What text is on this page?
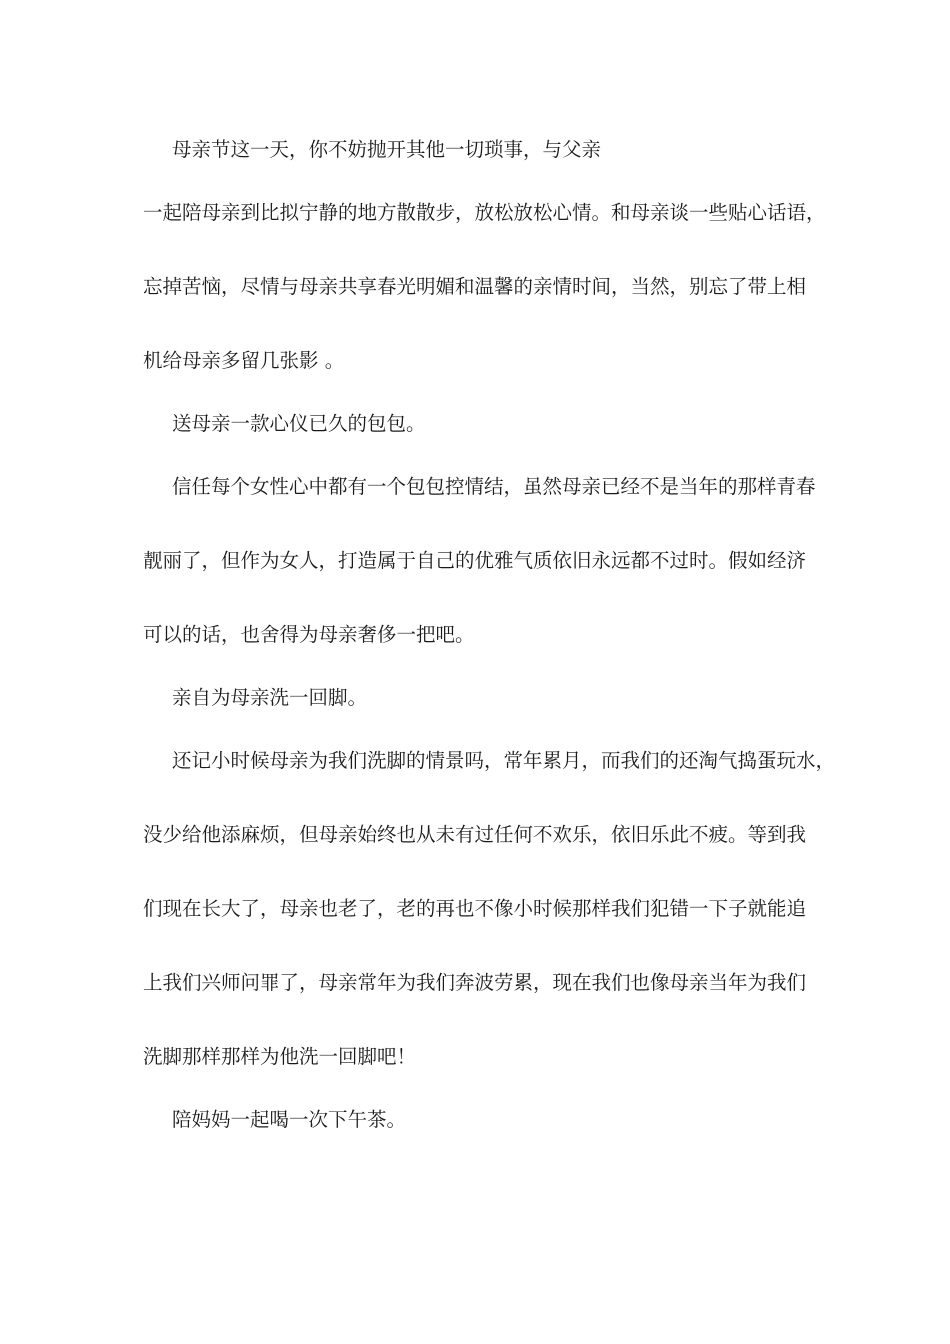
母亲节这一天，你不妨抛开其他一切琐事，与父亲
一起陪母亲到比拟宁静的地方散散步，放松放松心情。和母亲谈一些贴心话语，
忘掉苦恼，尽情与母亲共享春光明媚和温馨的亲情时间，当然，别忘了带上相
机给母亲多留几张影 。
送母亲一款心仪已久的包包。
信任每个女性心中都有一个包包控情结，虽然母亲已经不是当年的那样青春
靓丽了，但作为女人，打造属于自己的优雅气质依旧永远都不过时。假如经济
可以的话，也舍得为母亲奢侈一把吧。
亲自为母亲洗一回脚。
还记小时候母亲为我们洗脚的情景吗，常年累月，而我们的还淘气捣蛋玩水，
没少给他添麻烦，但母亲始终也从未有过任何不欢乐，依旧乐此不疲。等到我
们现在长大了，母亲也老了，老的再也不像小时候那样我们犯错一下子就能追
上我们兴师问罪了，母亲常年为我们奔波劳累，现在我们也像母亲当年为我们
洗脚那样那样为他洗一回脚吧！
陪妈妈一起喝一次下午茶。
